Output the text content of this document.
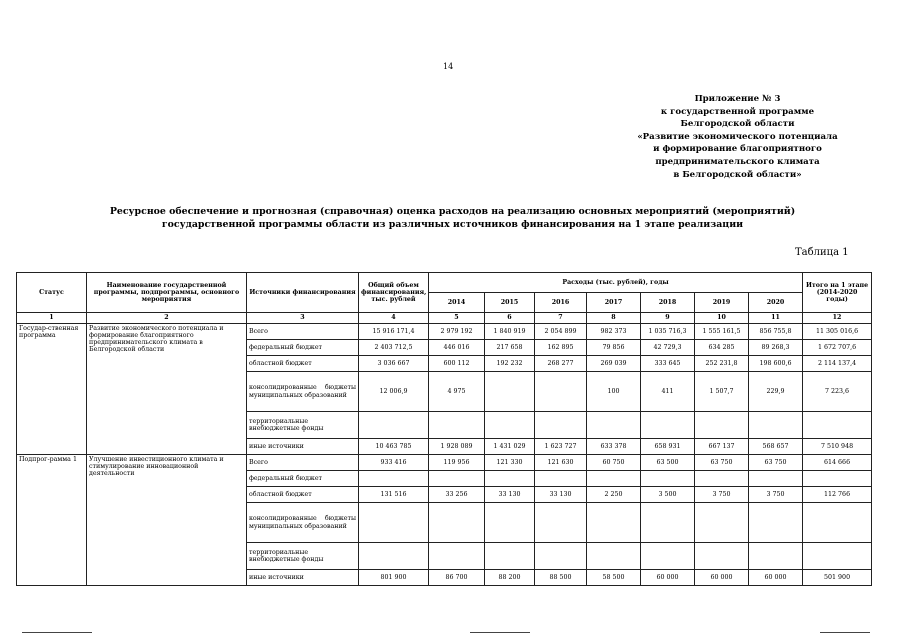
14
Приложение № 3
к государственной программе
Белгородской области
«Развитие экономического потенциала
и формирование благоприятного
предпринимательского климата
в Белгородской области»
Ресурсное обеспечение и прогнозная (справочная) оценка расходов на реализацию основных мероприятий (мероприятий)
государственной программы области из различных источников финансирования на 1 этапе реализации
Таблица 1
Статус	Наименование государственной программы, подпрограммы, основного мероприятия	Источники финансирования	Общий объем финансирования, тыс. рублей	Расходы (тыс. рублей), годы							Итого на 1 этапе (2014-2020 годы)
				2014	2015	2016	2017	2018	2019	2020	
1	2	3	4	5	6	7	8	9	10	11	12
Государ-ственная программа	Развитие экономического потенциала и формирование благоприятного предпринимательского климата в Белгородской области	Всего	15 916 171,4	2 979 192	1 840 919	2 054 899	982 373	1 035 716,3	1 555 161,5	856 755,8	11 305 016,6
		федеральный бюджет	2 403 712,5	446 016	217 658	162 895	79 856	42 729,3	634 285	89 268,3	1 672 707,6
		областной бюджет	3 036 667	600 112	192 232	268 277	269 039	333 645	252 231,8	198 600,6	2 114 137,4
		консолидированные бюджеты муниципальных образований	12 006,9	4 975			100	411	1 507,7	229,9	7 223,6
		территориальные внебюджетные фонды									
		иные источники	10 463 785	1 928 089	1 431 029	1 623 727	633 378	658 931	667 137	568 657	7 510 948
Подпрог-рамма 1	Улучшение инвестиционного климата и стимулирование инновационной деятельности	Всего	933 416	119 956	121 330	121 630	60 750	63 500	63 750	63 750	614 666
		федеральный бюджет									
		областной бюджет	131 516	33 256	33 130	33 130	2 250	3 500	3 750	3 750	112 766
		консолидированные бюджеты муниципальных образований									
		территориальные внебюджетные фонды									
		иные источники	801 900	86 700	88 200	88 500	58 500	60 000	60 000	60 000	501 900
